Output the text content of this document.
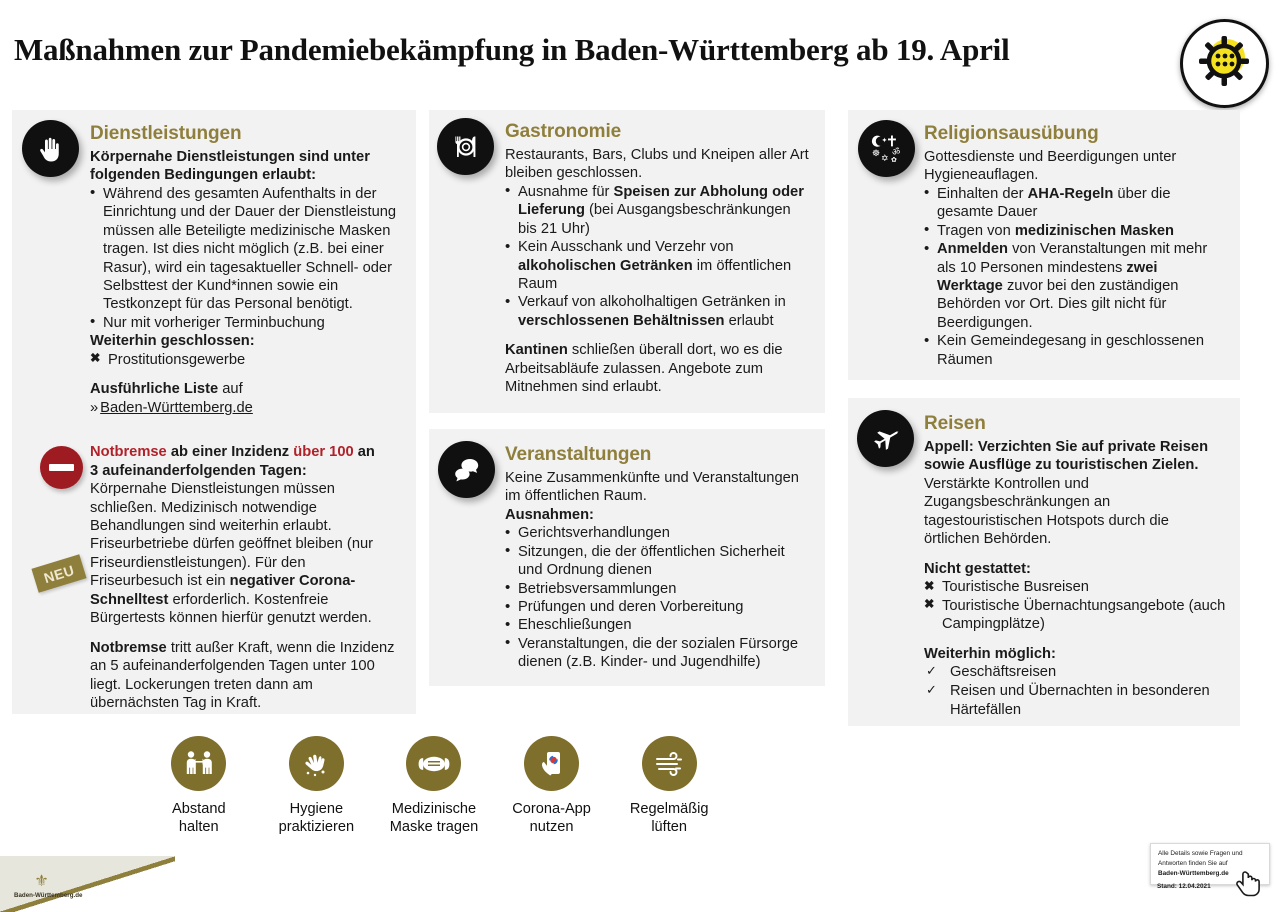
Maßnahmen zur Pandemiebekämpfung in Baden-Württemberg ab 19. April
Dienstleistungen

Körpernahe Dienstleistungen sind unter folgenden Bedingungen erlaubt:

• Während des gesamten Aufenthalts in der Einrichtung und der Dauer der Dienstleistung müssen alle Beteiligte medizinische Masken tragen. Ist dies nicht möglich (z.B. bei einer Rasur), wird ein tagesaktueller Schnell- oder Selbsttest der Kund*innen sowie ein Testkonzept für das Personal benötigt.
• Nur mit vorheriger Terminbuchung

Weiterhin geschlossen:

✖ Prostitutionsgewerbe

Ausführliche Liste auf

» Baden-Württemberg.de

NEU

Notbremse ab einer Inzidenz über 100 an

3 aufeinanderfolgenden Tagen:

Körpernahe Dienstleistungen müssen schließen. Medizinisch notwendige Behandlungen sind weiterhin erlaubt. Friseurbetriebe dürfen geöffnet bleiben (nur Friseurdienstleistungen). Für den Friseurbesuch ist ein negativer Corona-Schnelltest erforderlich. Kostenfreie Bürgertests können hierfür genutzt werden.

Notbremse tritt außer Kraft, wenn die Inzidenz an 5 aufeinanderfolgenden Tagen unter 100 liegt. Lockerungen treten dann am übernächsten Tag in Kraft.

Gastronomie

Restaurants, Bars, Clubs und Kneipen aller Art bleiben geschlossen.

• Ausnahme für Speisen zur Abholung oder Lieferung (bei Ausgangsbeschränkungen bis 21 Uhr)
• Kein Ausschank und Verzehr von alkoholischen Getränken im öffentlichen Raum
• Verkauf von alkoholhaltigen Getränken in verschlossenen Behältnissen erlaubt

Kantinen schließen überall dort, wo es die Arbeitsabläufe zulassen. Angebote zum Mitnehmen sind erlaubt.

Veranstaltungen

Keine Zusammenkünfte und Veranstaltungen im öffentlichen Raum.

Ausnahmen:

• Gerichtsverhandlungen
• Sitzungen, die der öffentlichen Sicherheit und Ordnung dienen
• Betriebsversammlungen
• Prüfungen und deren Vorbereitung
• Eheschließungen
• Veranstaltungen, die der sozialen Fürsorge dienen (z.B. Kinder- und Jugendhilfe)
✦
ॐ
☸ ✡ ✿
Religionsausübung

Gottesdienste und Beerdigungen unter Hygieneauflagen.

• Einhalten der AHA-Regeln über die gesamte Dauer
• Tragen von medizinischen Masken
• Anmelden von Veranstaltungen mit mehr als 10 Personen mindestens zwei Werktage zuvor bei den zuständigen Behörden vor Ort. Dies gilt nicht für Beerdigungen.
• Kein Gemeindegesang in geschlossenen Räumen
Reisen

Appell: Verzichten Sie auf private Reisen sowie Ausflüge zu touristischen Zielen.

Verstärkte Kontrollen und Zugangsbeschränkungen an tagestouristischen Hotspots durch die örtlichen Behörden.

Nicht gestattet:

✖ Touristische Busreisen
✖ Touristische Übernachtungsangebote (auch Campingplätze)

Weiterhin möglich:

✓ Geschäftsreisen
✓ Reisen und Übernachten in besonderen Härtefällen
Abstand
halten
Hygiene
praktizieren
Medizinische
Maske tragen
Corona-App
nutzen
Regelmäßig
lüften
⚜
Baden-Württemberg.de
Alle Details sowie Fragen und
Antworten finden Sie auf
Baden-Württemberg.de
Stand: 12.04.2021
